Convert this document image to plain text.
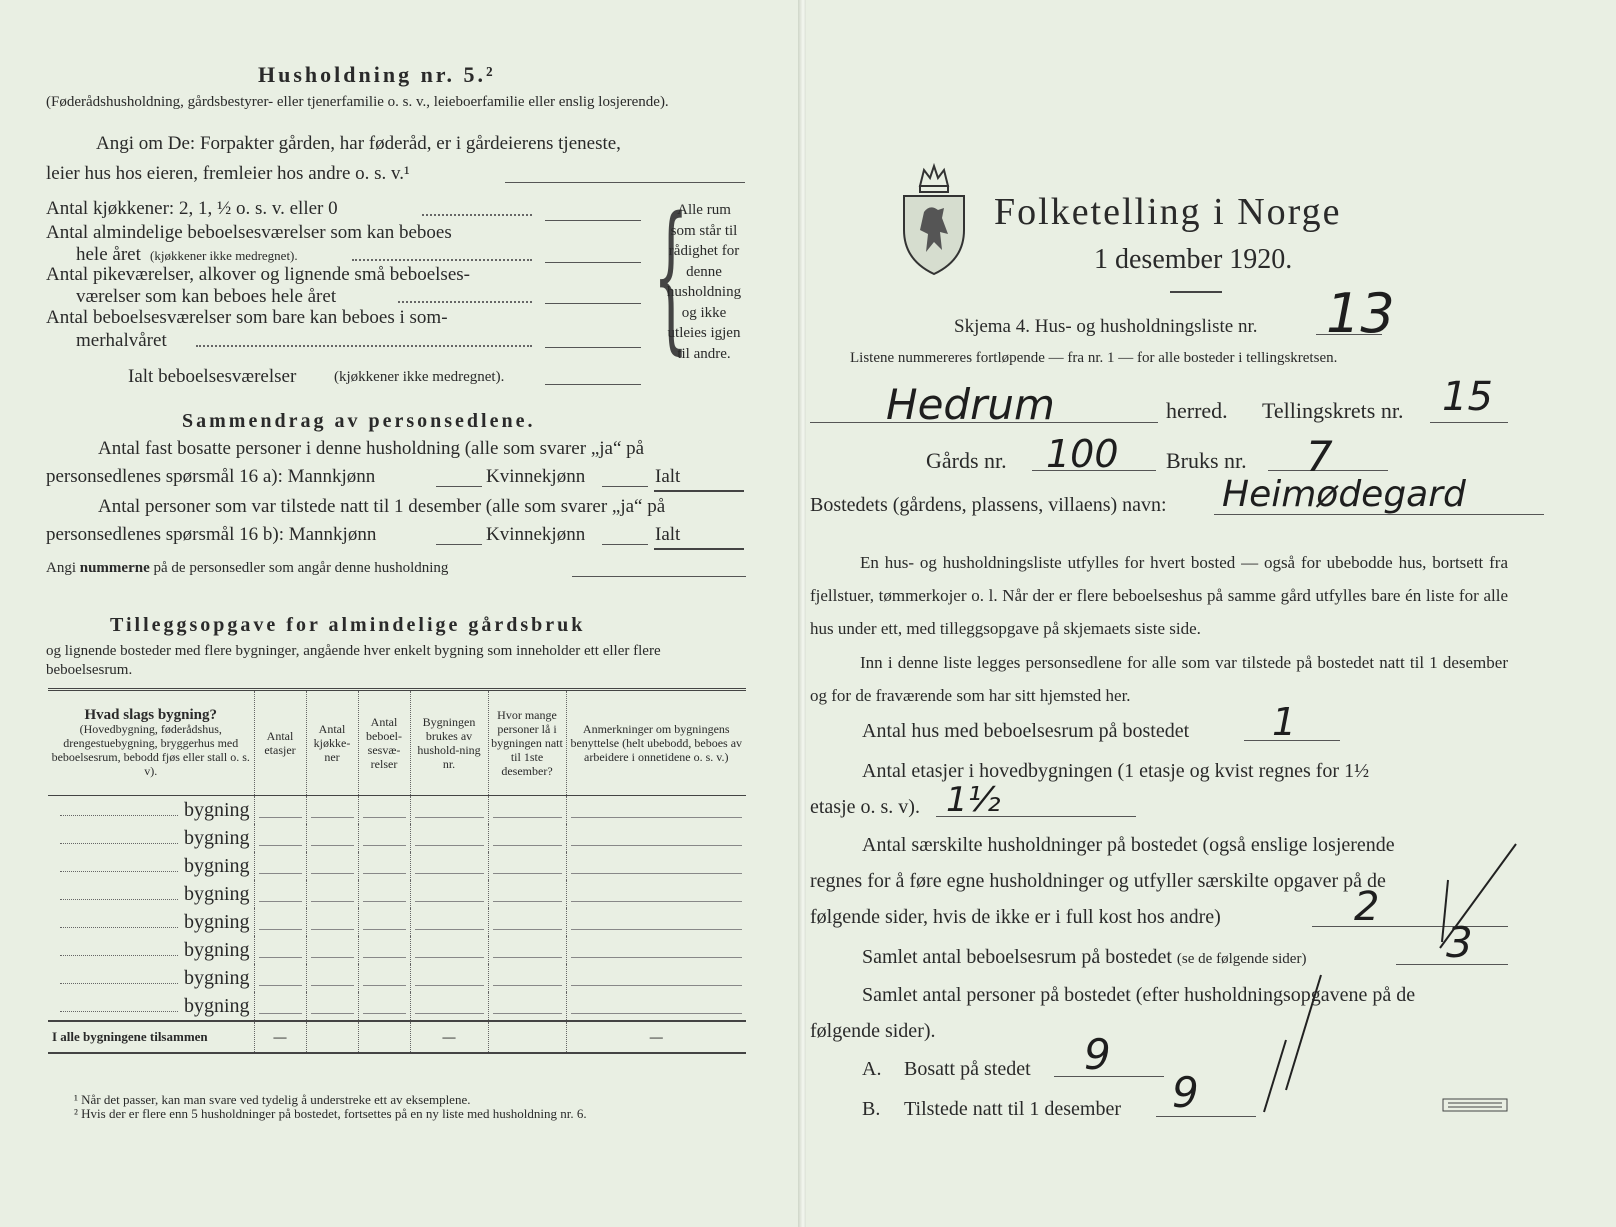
Husholdning nr. 5.²
(Føderådshusholdning, gårdsbestyrer- eller tjenerfamilie o. s. v., leieboerfamilie eller enslig losjerende).
Angi om De: Forpakter gården, har føderåd, er i gårdeierens tjeneste,
leier hus hos eieren, fremleier hos andre o. s. v.¹
Antal kjøkkener: 2, 1, ½ o. s. v. eller 0
Antal almindelige beboelsesværelser som kan beboes
hele året (kjøkkener ikke medregnet).
Antal pikeværelser, alkover og lignende små beboelses-
værelser som kan beboes hele året
Antal beboelsesværelser som bare kan beboes i som-
merhalvåret
Ialt beboelsesværelser	(kjøkkener ikke medregnet).
{
Alle rum som står til rådighet for denne husholdning og ikke utleies igjen til andre.
Sammendrag av personsedlene.
Antal fast bosatte personer i denne husholdning (alle som svarer „ja“ på
personsedlenes spørsmål 16 a): Mannkjønn	Kvinnekjønn	Ialt
Antal personer som var tilstede natt til 1 desember (alle som svarer „ja“ på
personsedlenes spørsmål 16 b): Mannkjønn	Kvinnekjønn	Ialt
Angi nummerne på de personsedler som angår denne husholdning
Tilleggsopgave for almindelige gårdsbruk
og lignende bosteder med flere bygninger, angående hver enkelt bygning som inneholder ett eller flere beboelsesrum.
Hvad slags bygning?
(Hovedbygning, føderådshus, drengestuebygning, bryggerhus med beboelsesrum, bebodd fjøs eller stall o. s. v).	Antal etasjer	Antal kjøkke-ner	Antal beboel-sesvæ-relser	Bygningen brukes av hushold-ning nr.	Hvor mange personer lå i bygningen natt til 1ste desember?	Anmerkninger om bygningens benyttelse (helt ubebodd, beboes av arbeidere i onnetidene o. s. v.)
bygning	

bygning	

bygning	

bygning	

bygning	

bygning	

bygning	

bygning	

I alle bygningene tilsammen	—			—		—
¹ Når det passer, kan man svare ved tydelig å understreke ett av eksemplene.
² Hvis der er flere enn 5 husholdninger på bostedet, fortsettes på en ny liste med husholdning nr. 6.
Folketelling i Norge
1 desember 1920.
Skjema 4. Hus- og husholdningsliste nr. 13
Listene nummereres fortløpende — fra nr. 1 — for alle bosteder i tellingskretsen.
Hedrum	herred. Tellingskrets nr. 15
Gårds nr. 100 Bruks nr. 7
Bostedets (gårdens, plassens, villaens) navn: Heimødegard
En hus- og husholdningsliste utfylles for hvert bosted — også for ubebodde hus, bortsett fra fjellstuer, tømmerkojer o. l. Når der er flere beboelseshus på samme gård utfylles bare én liste for alle hus under ett, med tilleggsopgave på skjemaets siste side.
Inn i denne liste legges personsedlene for alle som var tilstede på bostedet natt til 1 desember og for de fraværende som har sitt hjemsted her.
Antal hus med beboelsesrum på bostedet 1
Antal etasjer i hovedbygningen (1 etasje og kvist regnes for 1½
etasje o. s. v). 1½
Antal særskilte husholdninger på bostedet (også enslige losjerende
regnes for å føre egne husholdninger og utfyller særskilte opgaver på de
følgende sider, hvis de ikke er i full kost hos andre)	2
Samlet antal beboelsesrum på bostedet (se de følgende sider)	3
Samlet antal personer på bostedet (efter husholdningsopgavene på de
følgende sider).
A. Bosatt på stedet 9
B. Tilstede natt til 1 desember 9
